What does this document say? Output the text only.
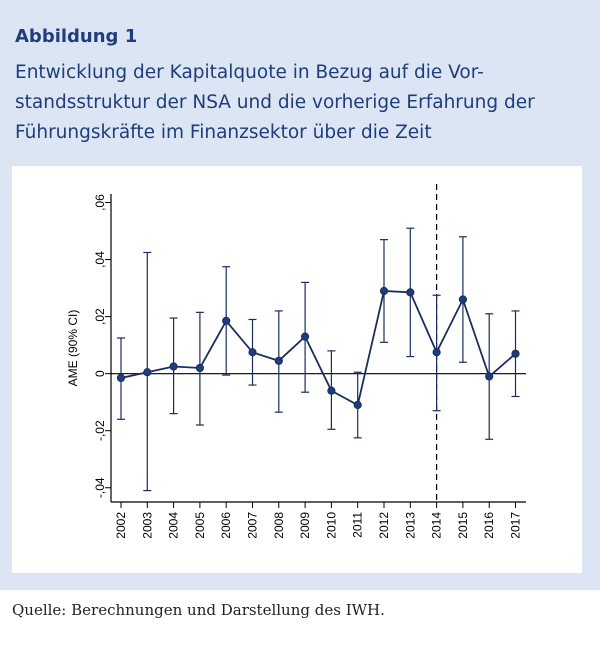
Abbildung 1
Entwicklung der Kapitalquote in Bezug auf die Vor-
standsstruktur der NSA und die vorherige Erfahrung der
Führungskräfte im Finanzsektor über die Zeit
-,04
-,02
0
,02
,04
,06
AME (90% CI)
2002 2003 2004 2005 2006 2007 2008 2009 2010 2011 2012 2013 2014 2015 2016 2017
Quelle: Berechnungen und Darstellung des IWH.
